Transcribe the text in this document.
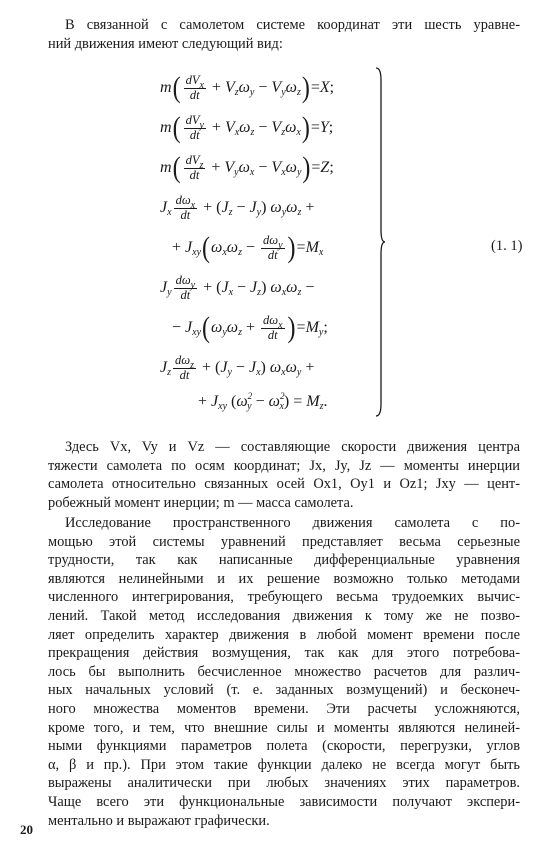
В связанной с самолетом системе координат эти шесть уравне-
ний движения имеют следующий вид:

m ( $\frac{dV_x}{dt} + V$ z ω y − V y ω z ) = X ;
m ( $\frac{dV_y}{dt} + V$ x ω z − V z ω x ) = Y ;
m ( $\frac{dV_z}{dt} + V$ y ω x − V x ω y ) = Z ;
J x $\frac{d\omega_x}{dt}$ + ( J z − J y ) ω y ω z +
+ J xy ( ω x ω $z - \frac{d\omega_y}{dt}$ ) = M x
J y $\frac{d\omega_y}{dt}$ + ( J x − J z ) ω x ω z −
− J xy ( ω y ω $z + \frac{d\omega_x}{dt}$ ) = M y ;
J z $\frac{d\omega_z}{dt}$ + ( J y − J x ) ω x ω y +
+ J xy ( ω 2
y − ω 2
x ) =
M z .
(1. 1)

Здесь Vx, Vy и Vz — составляющие скорости движения центра
тяжести самолета по осям координат; Jx, Jy, Jz — моменты инерции
самолета относительно связанных осей Ox1, Oy1 и Oz1; Jxy — цент-
робежный момент инерции; m — масса самолета.

Исследование пространственного движения самолета с по-
мощью этой системы уравнений представляет весьма серьезные
трудности, так как написанные дифференциальные уравнения
являются нелинейными и их решение возможно только методами
численного интегрирования, требующего весьма трудоемких вычис-
лений. Такой метод исследования движения к тому же не позво-
ляет определить характер движения в любой момент времени после
прекращения действия возмущения, так как для этого потребова-
лось бы выполнить бесчисленное множество расчетов для различ-
ных начальных условий (т. е. заданных возмущений) и бесконеч-
ного множества моментов времени. Эти расчеты усложняются,
кроме того, и тем, что внешние силы и моменты являются нелиней-
ными функциями параметров полета (скорости, перегрузки, углов
α, β и пр.). При этом такие функции далеко не всегда могут быть
выражены аналитически при любых значениях этих параметров.
Чаще всего эти функциональные зависимости получают экспери-
ментально и выражают графически.

20
